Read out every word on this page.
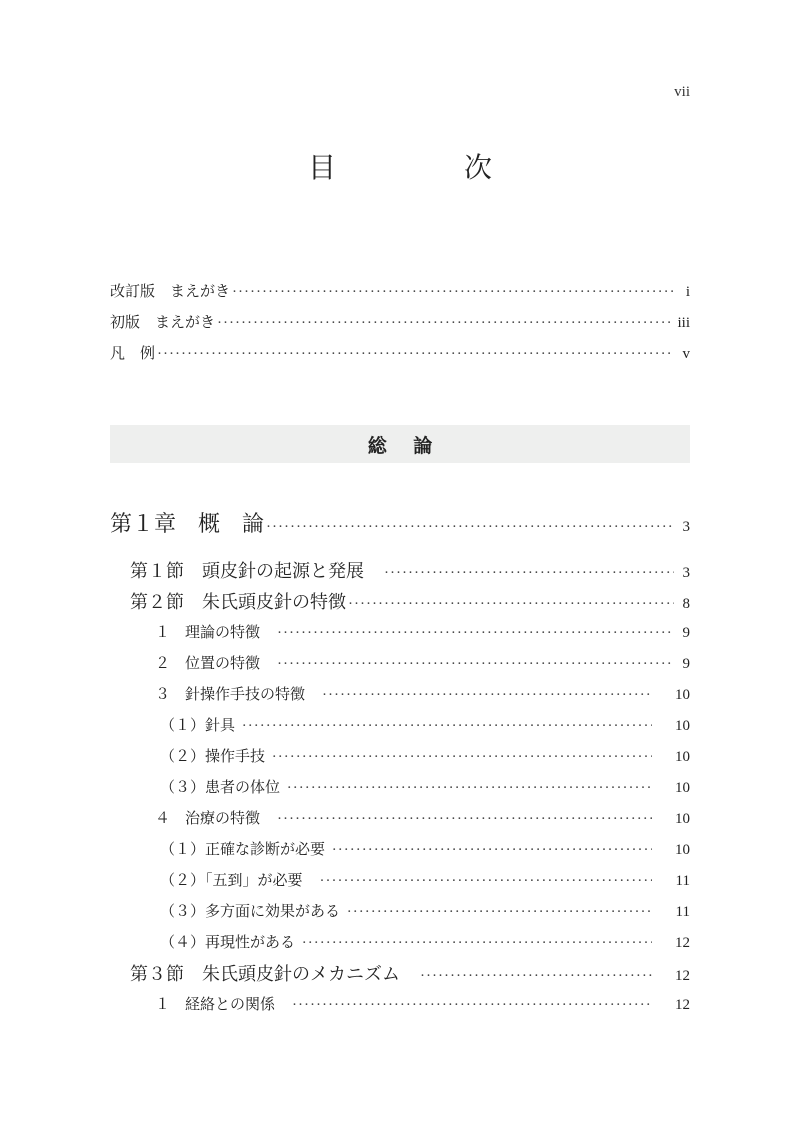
vii
目　次
改訂版　まえがき ·····	i
初版　まえがき ·····	iii
凡　例 ·····	v
総 論
第１章　概　論 ·····	3
第１節　頭皮針の起源と発展　 ·····	3
第２節　朱氏頭皮針の特徴 ·····	8
１　理論の特徴　 ·····	9
２　位置の特徴　 ·····	9
３　針操作手技の特徴　 ·····	10
（１）針具 ·····	10
（２）操作手技 ·····	10
（３）患者の体位 ·····	10
４　治療の特徴　 ·····	10
（１）正確な診断が必要 ·····	10
（２）「五到」が必要　 ·····	11
（３）多方面に効果がある ·····	11
（４）再現性がある ·····	12
第３節　朱氏頭皮針のメカニズム　 ·····	12
１　経絡との関係　 ·····	12
